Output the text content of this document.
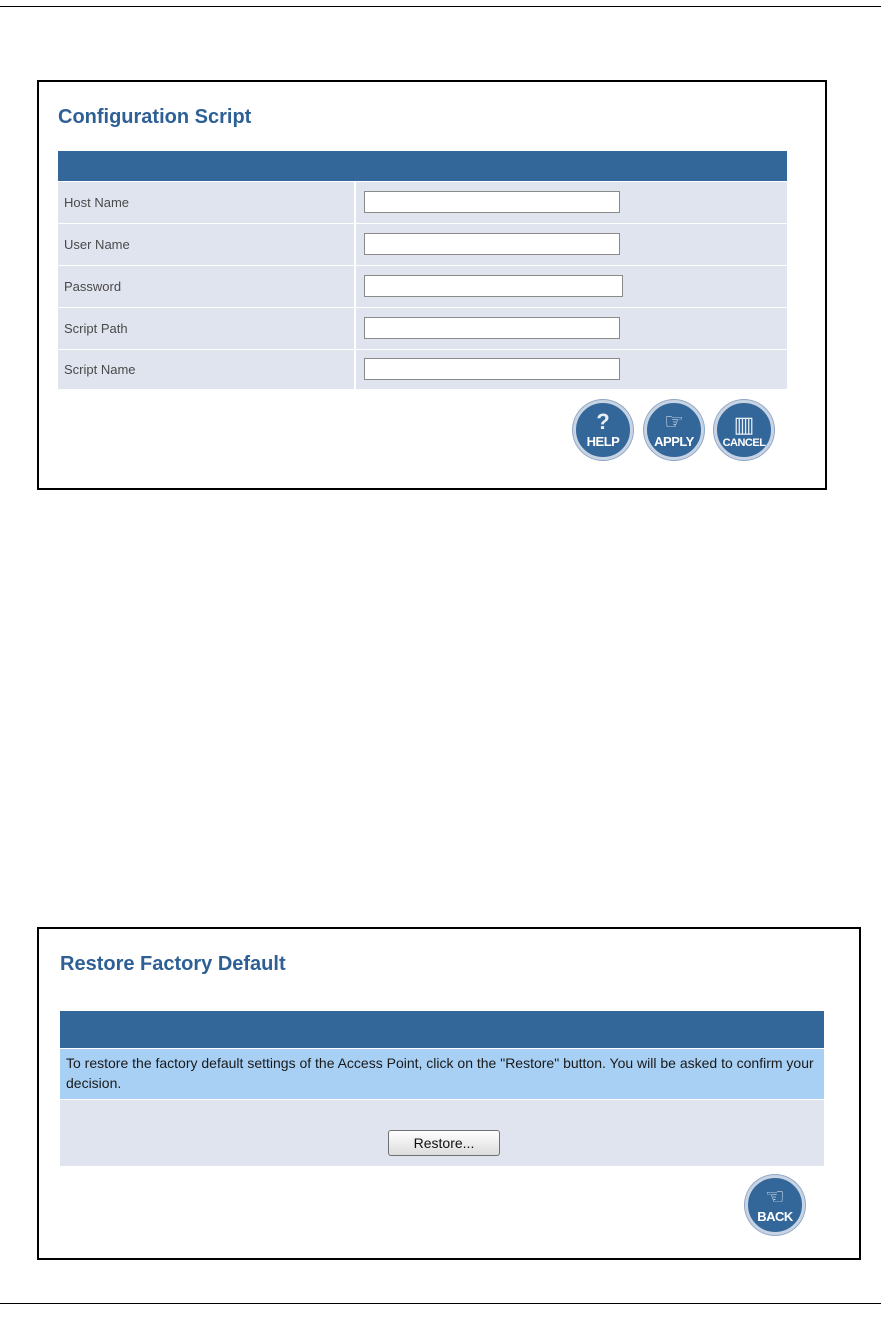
Configuration Script
Host Name
User Name
Password
Script Path
Script Name
?
HELP
☞
APPLY
▥
CANCEL
Restore Factory Default
To restore the factory default settings of the Access Point, click on the "Restore" button. You will be asked to confirm your decision.
Restore...
☜
BACK
